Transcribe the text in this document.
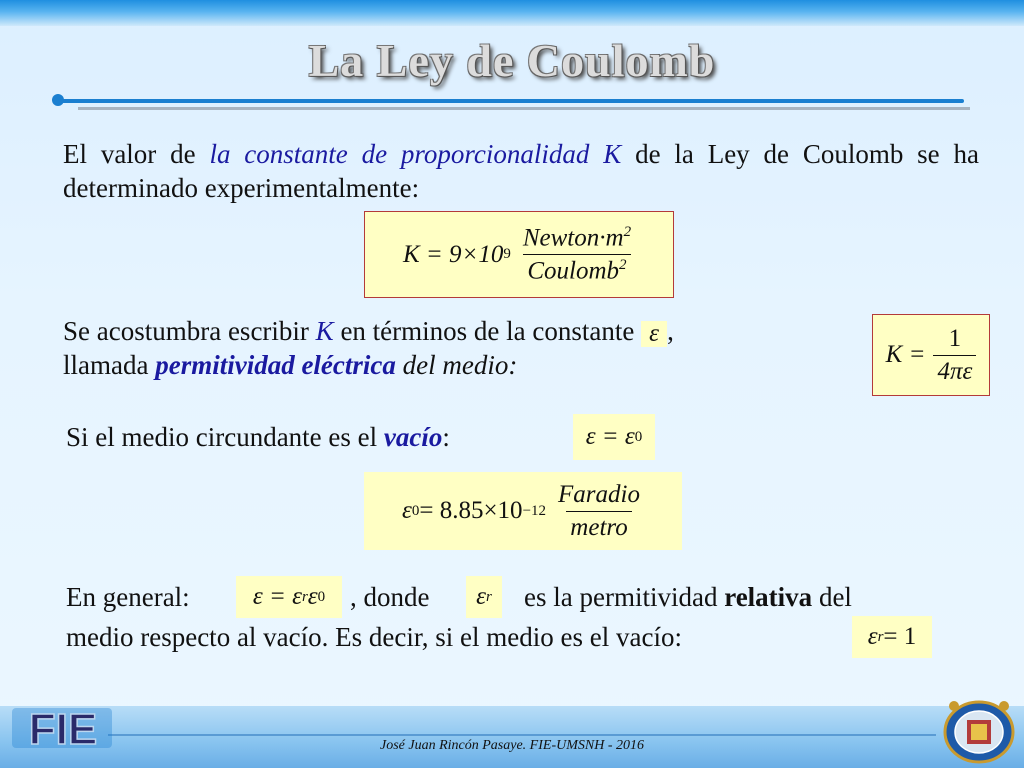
La Ley de Coulomb
El valor de la constante de proporcionalidad K de la Ley de Coulomb se ha determinado experimentalmente:
K = 9×10 $9 \frac{Newton\cdot m^2}{Coulomb^2}$
Se acostumbra escribir K en términos de la constante ε ,
llamada permitividad eléctrica del medio:	$K = \frac{1}{4\pi\varepsilon}$
Si el medio circundante es el vacío:	ε = ε 0
ε $0 = 8.85\times 10 -12 \frac{\text{Faradio}}{\text{metro}}$
En general:	ε = ε r ε 0 , donde	ε r es la permitividad relativa del
medio respecto al vacío. Es decir, si el medio es el vacío:	ε r = 1
José Juan Rincón Pasaye. FIE-UMSNH - 2016
FIE
